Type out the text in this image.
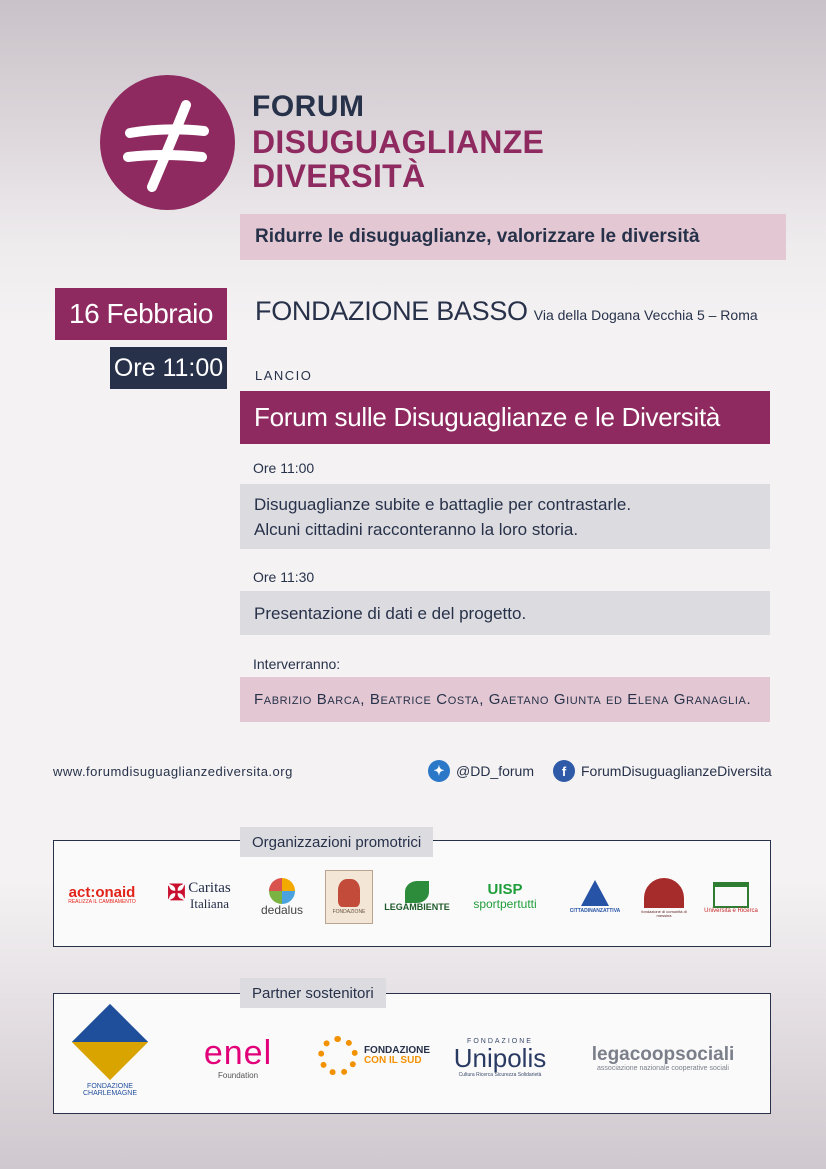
FORUM
DISUGUAGLIANZE
DIVERSITÀ
Ridurre le disuguaglianze, valorizzare le diversità
16 Febbraio
Ore 11:00
FONDAZIONE BASSO Via della Dogana Vecchia 5 – Roma
LANCIO
Forum sulle Disuguaglianze e le Diversità
Ore 11:00
Disuguaglianze subite e battaglie per contrastarle.
Alcuni cittadini racconteranno la loro storia.
Ore 11:30
Presentazione di dati e del progetto.
Interverranno:
Fabrizio Barca, Beatrice Costa, Gaetano Giunta ed Elena Granaglia.
www.forumdisuguaglianzediversita.org	✦ @DD_forum	f	ForumDisuguaglianzeDiversita
Organizzazioni promotrici
act:onaid
REALIZZA IL CAMBIAMENTO ✠ Caritas
Italiana	dedalus	FONDAZIONE LEGAMBIENTE
UISP
sportpertutti
CITTADINANZATTIVA	fondazione di comunità di messina
Università e Ricerca
Partner sostenitori
FONDAZIONE CHARLEMAGNE
enel
Foundation
FONDAZIONE
CON IL SUD
FONDAZIONE
Unipolis
Cultura Ricerca Sicurezza Solidarietà
legacoopsociali
associazione nazionale cooperative sociali
